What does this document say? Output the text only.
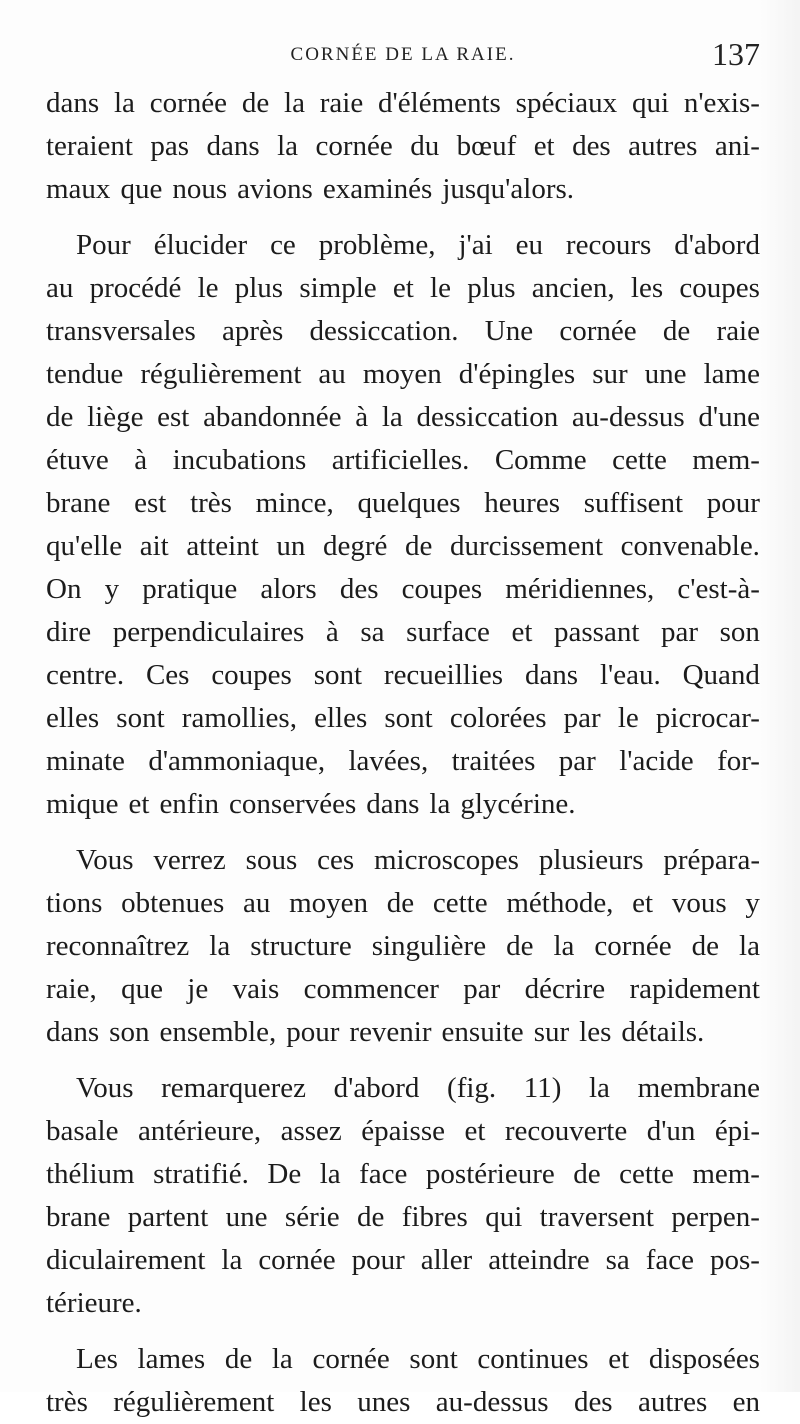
CORNÉE DE LA RAIE.	137
dans la cornée de la raie d'éléments spéciaux qui n'exis-
teraient pas dans la cornée du bœuf et des autres ani-
maux que nous avions examinés jusqu'alors.
Pour élucider ce problème, j'ai eu recours d'abord
au procédé le plus simple et le plus ancien, les coupes
transversales après dessiccation. Une cornée de raie
tendue régulièrement au moyen d'épingles sur une lame
de liège est abandonnée à la dessiccation au-dessus d'une
étuve à incubations artificielles. Comme cette mem-
brane est très mince, quelques heures suffisent pour
qu'elle ait atteint un degré de durcissement convenable.
On y pratique alors des coupes méridiennes, c'est-à-
dire perpendiculaires à sa surface et passant par son
centre. Ces coupes sont recueillies dans l'eau. Quand
elles sont ramollies, elles sont colorées par le picrocar-
minate d'ammoniaque, lavées, traitées par l'acide for-
mique et enfin conservées dans la glycérine.
Vous verrez sous ces microscopes plusieurs prépara-
tions obtenues au moyen de cette méthode, et vous y
reconnaîtrez la structure singulière de la cornée de la
raie, que je vais commencer par décrire rapidement
dans son ensemble, pour revenir ensuite sur les détails.
Vous remarquerez d'abord (fig. 11) la membrane
basale antérieure, assez épaisse et recouverte d'un épi-
thélium stratifié. De la face postérieure de cette mem-
brane partent une série de fibres qui traversent perpen-
diculairement la cornée pour aller atteindre sa face pos-
térieure.
Les lames de la cornée sont continues et disposées
très régulièrement les unes au-dessus des autres en
